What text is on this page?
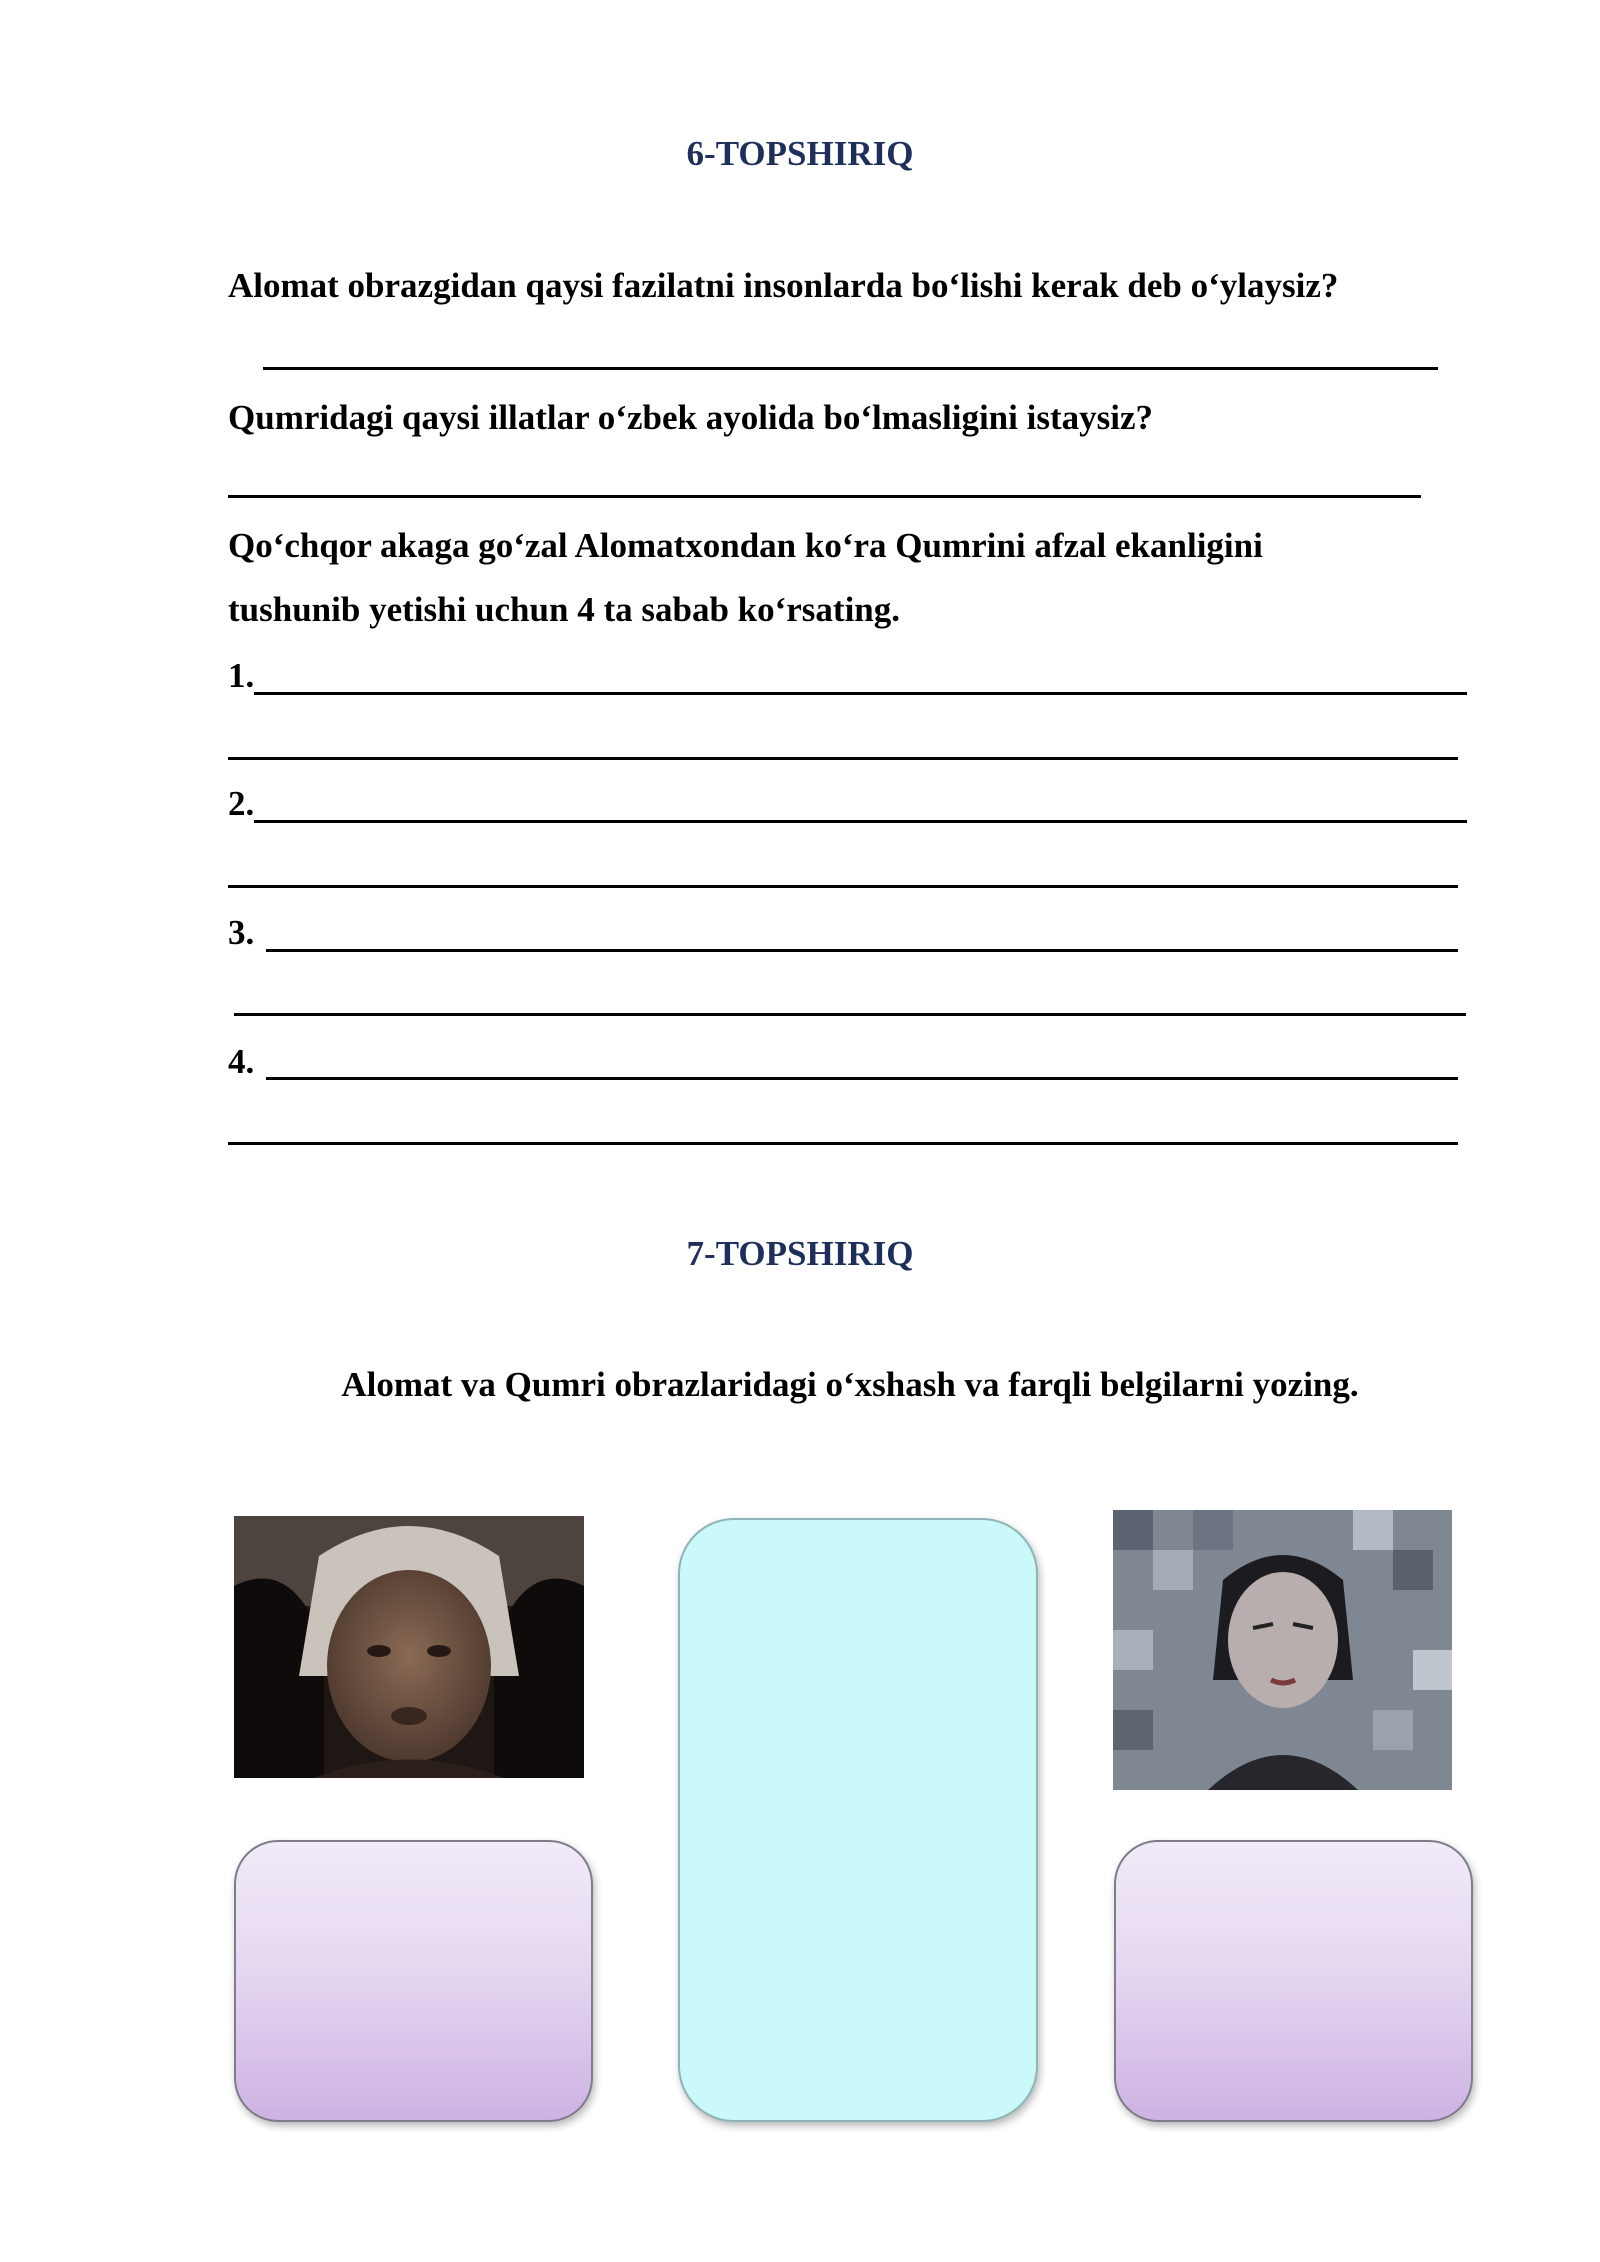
6-TOPSHIRIQ
Alomat obrazgidan qaysi fazilatni insonlarda bo‘lishi kerak deb o‘ylaysiz?
Qumridagi qaysi illatlar o‘zbek ayolida bo‘lmasligini istaysiz?
Qo‘chqor akaga go‘zal Alomatxondan ko‘ra Qumrini afzal ekanligini
tushunib yetishi uchun 4 ta sabab ko‘rsating.
1.
2.
3.
4.
7-TOPSHIRIQ
Alomat va Qumri obrazlaridagi o‘xshash va farqli belgilarni yozing.
